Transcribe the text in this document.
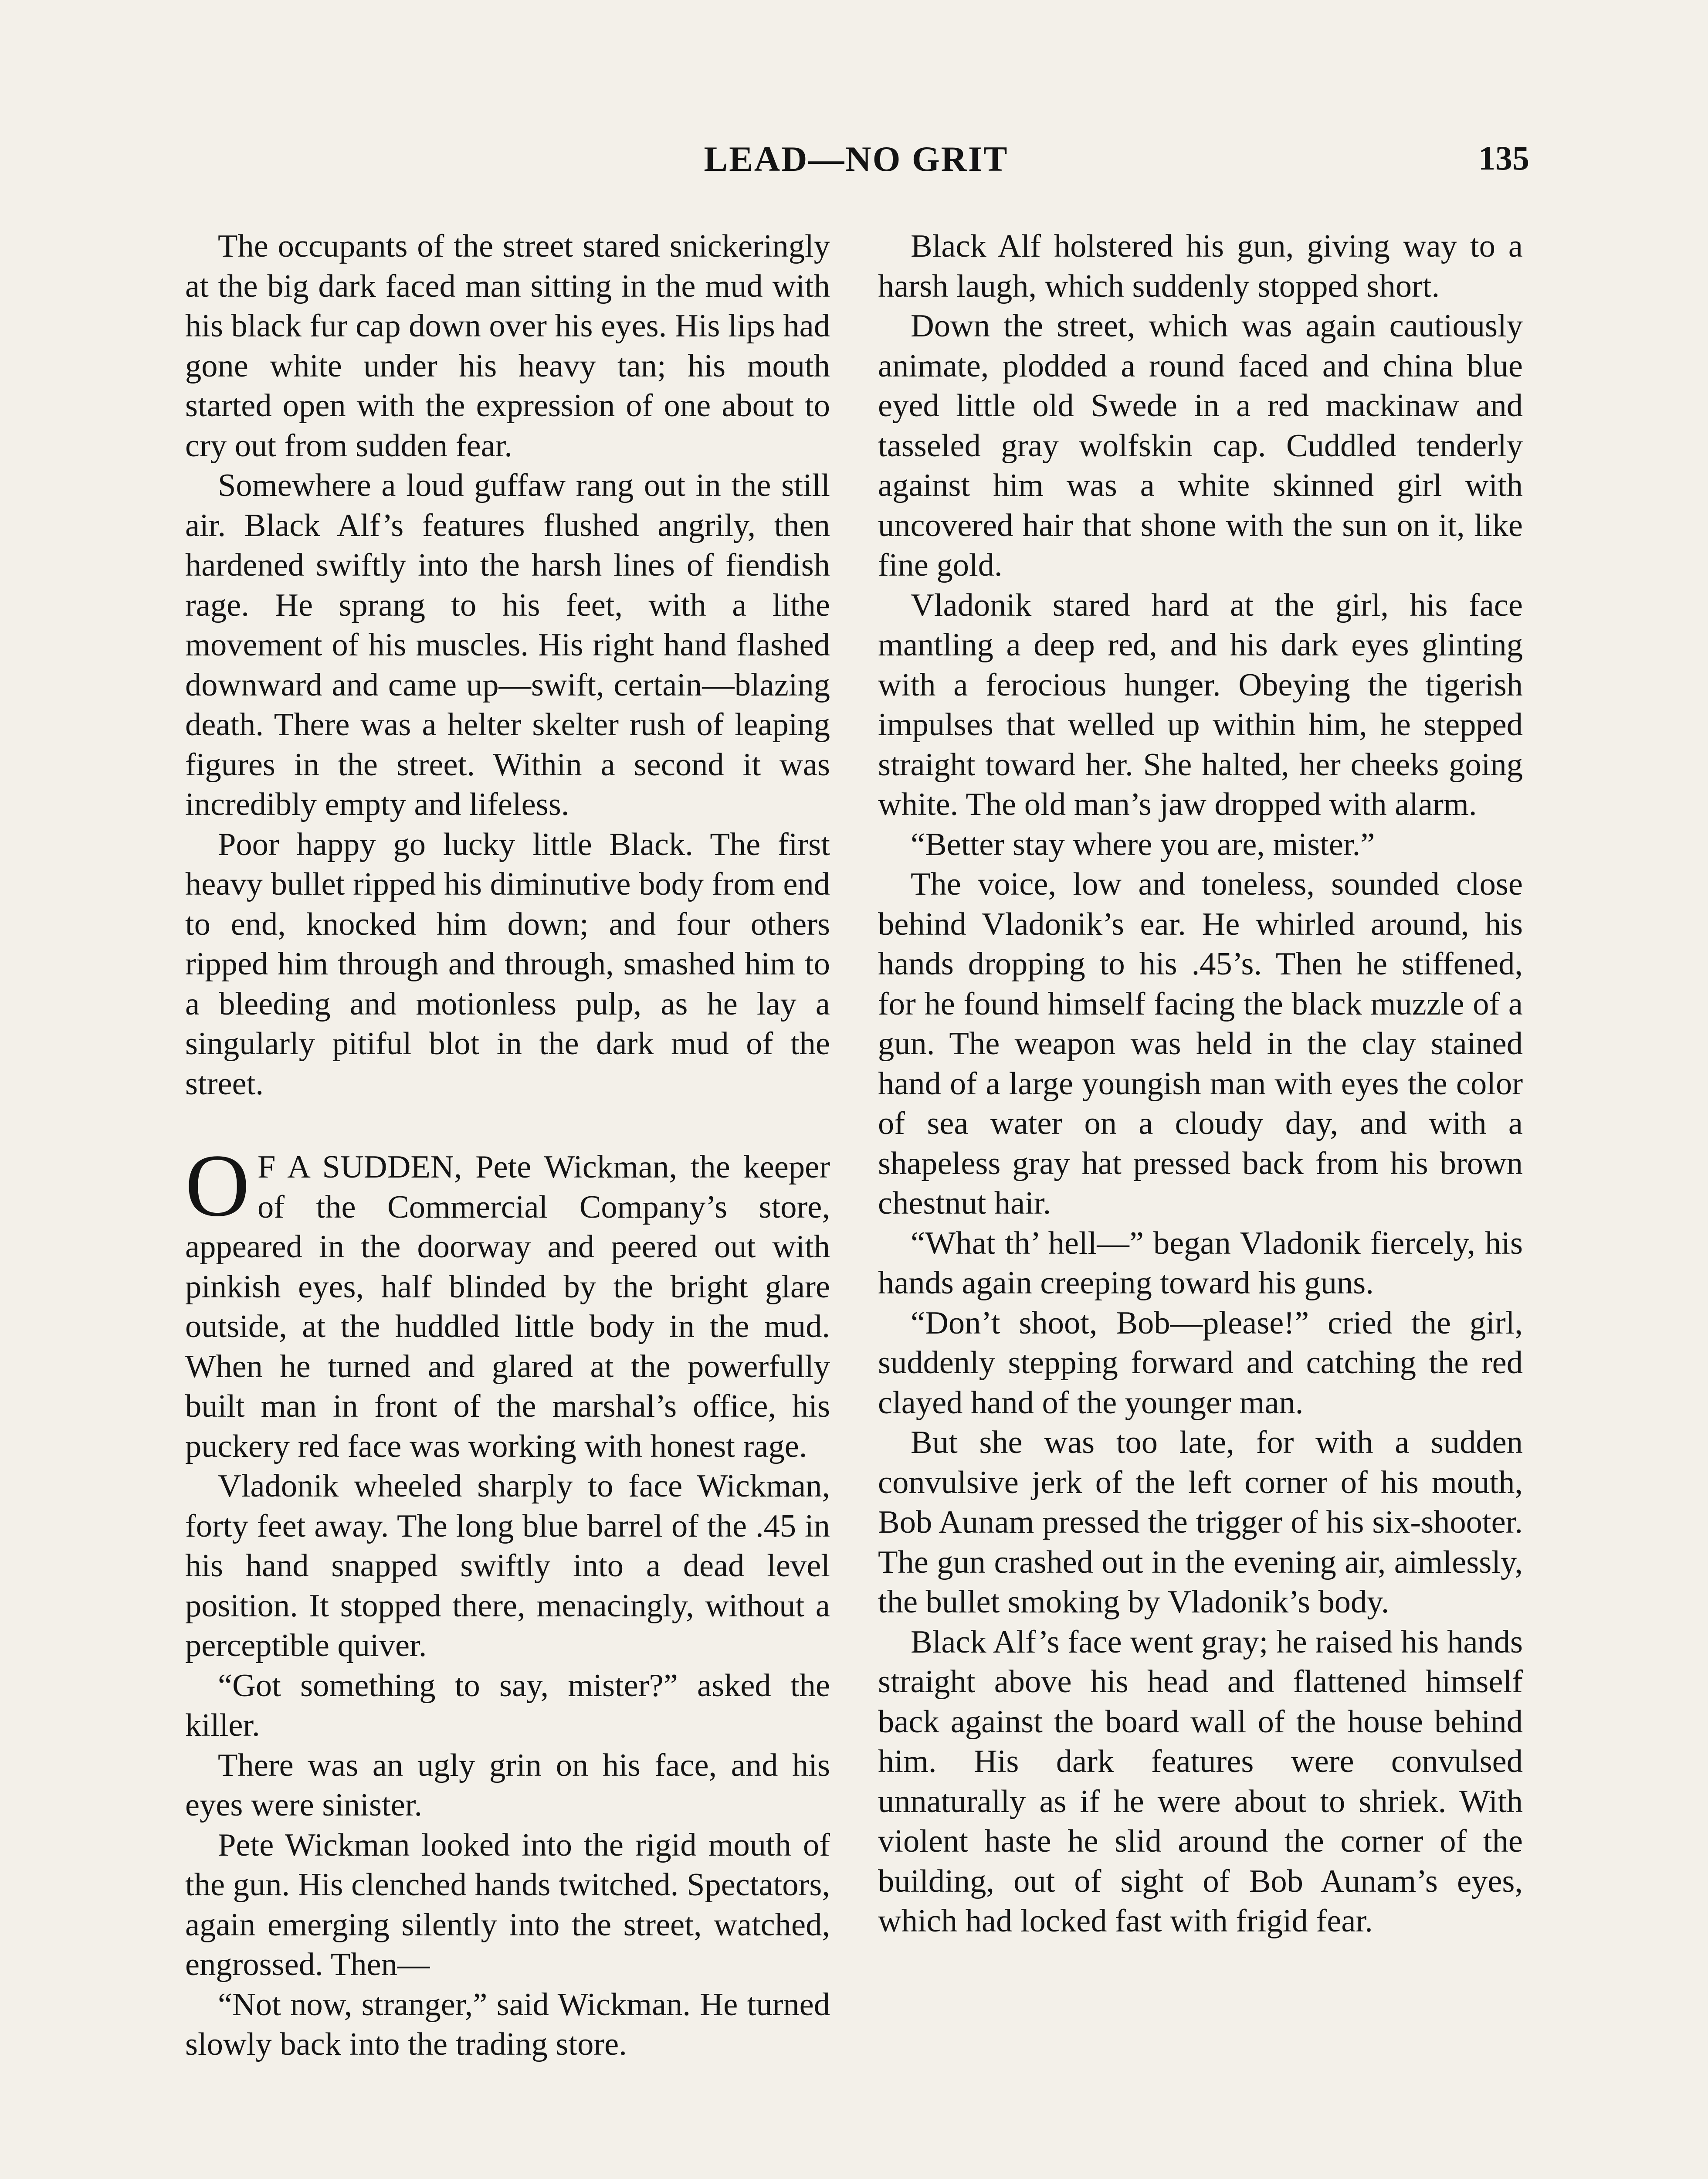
LEAD—NO GRIT	135

The occupants of the street stared snickeringly at the big dark faced man sitting in the mud with his black fur cap down over his eyes. His lips had gone white under his heavy tan; his mouth started open with the expression of one about to cry out from sudden fear.

Somewhere a loud guffaw rang out in the still air. Black Alf’s features flushed angrily, then hardened swiftly into the harsh lines of fiendish rage. He sprang to his feet, with a lithe movement of his muscles. His right hand flashed downward and came up—swift, certain—blazing death. There was a helter skelter rush of leaping figures in the street. Within a second it was incredibly empty and lifeless.

Poor happy go lucky little Black. The first heavy bullet ripped his diminutive body from end to end, knocked him down; and four others ripped him through and through, smashed him to a bleeding and motionless pulp, as he lay a singularly pitiful blot in the dark mud of the street.

O F A SUDDEN, Pete Wickman, the keeper of the Commercial Company’s store, appeared in the doorway and peered out with pinkish eyes, half blinded by the bright glare outside, at the huddled little body in the mud. When he turned and glared at the powerfully built man in front of the marshal’s office, his puckery red face was working with honest rage.

Vladonik wheeled sharply to face Wickman, forty feet away. The long blue barrel of the .45 in his hand snapped swiftly into a dead level position. It stopped there, menacingly, without a perceptible quiver.

“Got something to say, mister?” asked the killer.

There was an ugly grin on his face, and his eyes were sinister.

Pete Wickman looked into the rigid mouth of the gun. His clenched hands twitched. Spectators, again emerging silently into the street, watched, engrossed. Then—

“Not now, stranger,” said Wickman. He turned slowly back into the trading store.

Black Alf holstered his gun, giving way to a harsh laugh, which suddenly stopped short.

Down the street, which was again cautiously animate, plodded a round faced and china blue eyed little old Swede in a red mackinaw and tasseled gray wolfskin cap. Cuddled tenderly against him was a white skinned girl with uncovered hair that shone with the sun on it, like fine gold.

Vladonik stared hard at the girl, his face mantling a deep red, and his dark eyes glinting with a ferocious hunger. Obeying the tigerish impulses that welled up within him, he stepped straight toward her. She halted, her cheeks going white. The old man’s jaw dropped with alarm.

“Better stay where you are, mister.”

The voice, low and toneless, sounded close behind Vladonik’s ear. He whirled around, his hands dropping to his .45’s. Then he stiffened, for he found himself facing the black muzzle of a gun. The weapon was held in the clay stained hand of a large youngish man with eyes the color of sea water on a cloudy day, and with a shapeless gray hat pressed back from his brown chestnut hair.

“What th’ hell—” began Vladonik fiercely, his hands again creeping toward his guns.

“Don’t shoot, Bob—please!” cried the girl, suddenly stepping forward and catching the red clayed hand of the younger man.

But she was too late, for with a sudden convulsive jerk of the left corner of his mouth, Bob Aunam pressed the trigger of his six-shooter. The gun crashed out in the evening air, aimlessly, the bullet smoking by Vladonik’s body.

Black Alf’s face went gray; he raised his hands straight above his head and flattened himself back against the board wall of the house behind him. His dark features were convulsed unnaturally as if he were about to shriek. With violent haste he slid around the corner of the building, out of sight of Bob Aunam’s eyes, which had locked fast with frigid fear.
